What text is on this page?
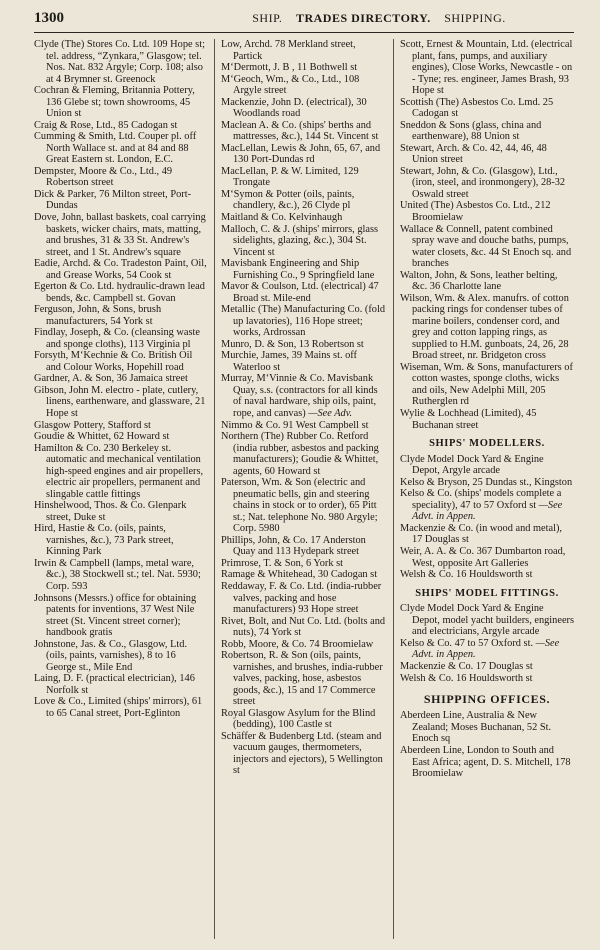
1300	SHIP. TRADES DIRECTORY. SHIPPING.

Clyde (The) Stores Co. Ltd. 109 Hope st; tel. address, “Zynkara,” Glasgow; tel. Nos. Nat. 832 Argyle; Corp. 108; also at 4 Brymner st. Greenock

Cochran & Fleming, Britannia Pottery, 136 Glebe st; town showrooms, 45 Union st

Craig & Rose, Ltd., 85 Cadogan st

Cumming & Smith, Ltd. Couper pl. off North Wallace st. and at 84 and 88 Great Eastern st. London, E.C.

Dempster, Moore & Co., Ltd., 49 Robertson street

Dick & Parker, 76 Milton street, Port-Dundas

Dove, John, ballast baskets, coal carrying baskets, wicker chairs, mats, matting, and brushes, 31 & 33 St. Andrew's street, and 1 St. Andrew's square

Eadie, Archd. & Co. Tradeston Paint, Oil, and Grease Works, 54 Cook st

Egerton & Co. Ltd. hydraulic-drawn lead bends, &c. Campbell st. Govan

Ferguson, John, & Sons, brush manufacturers, 54 York st

Findlay, Joseph, & Co. (cleansing waste and sponge cloths), 113 Virginia pl

Forsyth, M‘Kechnie & Co. British Oil and Colour Works, Hopehill road

Gardner, A. & Son, 36 Jamaica street

Gibson, John M. electro - plate, cutlery, linens, earthenware, and glassware, 21 Hope st

Glasgow Pottery, Stafford st

Goudie & Whittet, 62 Howard st

Hamilton & Co. 230 Berkeley st. automatic and mechanical ventilation high-speed engines and air propellers, electric air propellers, permanent and slingable cattle fittings

Hinshelwood, Thos. & Co. Glenpark street, Duke st

Hird, Hastie & Co. (oils, paints, varnishes, &c.), 73 Park street, Kinning Park

Irwin & Campbell (lamps, metal ware, &c.), 38 Stockwell st.; tel. Nat. 5930; Corp. 593

Johnsons (Messrs.) office for obtaining patents for inventions, 37 West Nile street (St. Vincent street corner); handbook gratis

Johnstone, Jas. & Co., Glasgow, Ltd. (oils, paints, varnishes), 8 to 16 George st., Mile End

Laing, D. F. (practical electrician), 146 Norfolk st

Love & Co., Limited (ships' mirrors), 61 to 65 Canal street, Port-Eglinton

Low, Archd. 78 Merkland street, Partick

M‘Dermott, J. B , 11 Bothwell st

M‘Geoch, Wm., & Co., Ltd., 108 Argyle street

Mackenzie, John D. (electrical), 30 Woodlands road

Maclean A. & Co. (ships' berths and mattresses, &c.), 144 St. Vincent st

MacLellan, Lewis & John, 65, 67, and 130 Port-Dundas rd

MacLellan, P. & W. Limited, 129 Trongate

M‘Symon & Potter (oils, paints, chandlery, &c.), 26 Clyde pl

Maitland & Co. Kelvinhaugh

Malloch, C. & J. (ships' mirrors, glass sidelights, glazing, &c.), 304 St. Vincent st

Mavisbank Engineering and Ship Furnishing Co., 9 Springfield lane

Mavor & Coulson, Ltd. (electrical) 47 Broad st. Mile-end

Metallic (The) Manufacturing Co. (fold up lavatories), 116 Hope street; works, Ardrossan

Munro, D. & Son, 13 Robertson st

Murchie, James, 39 Mains st. off Waterloo st

Murray, M‘Vinnie & Co. Mavisbank Quay, s.s. (contractors for all kinds of naval hardware, ship oils, paint, rope, and canvas) —See Adv.

Nimmo & Co. 91 West Campbell st

Northern (The) Rubber Co. Retford (india rubber, asbestos and packing manufacturers); Goudie & Whittet, agents, 60 Howard st

Paterson, Wm. & Son (electric and pneumatic bells, gin and steering chains in stock or to order), 65 Pitt st.; Nat. telephone No. 980 Argyle; Corp. 5980

Phillips, John, & Co. 17 Anderston Quay and 113 Hydepark street

Primrose, T. & Son, 6 York st

Ramage & Whitehead, 30 Cadogan st

Reddaway, F. & Co. Ltd. (india-rubber valves, packing and hose manufacturers) 93 Hope street

Rivet, Bolt, and Nut Co. Ltd. (bolts and nuts), 74 York st

Robb, Moore, & Co. 74 Broomielaw

Robertson, R. & Son (oils, paints, varnishes, and brushes, india-rubber valves, packing, hose, asbestos goods, &c.), 15 and 17 Commerce street

Royal Glasgow Asylum for the Blind (bedding), 100 Castle st

Schäffer & Budenberg Ltd. (steam and vacuum gauges, thermometers, injectors and ejectors), 5 Wellington st

Scott, Ernest & Mountain, Ltd. (electrical plant, fans, pumps, and auxiliary engines), Close Works, Newcastle - on - Tyne; res. engineer, James Brash, 93 Hope st

Scottish (The) Asbestos Co. Lmd. 25 Cadogan st

Sneddon & Sons (glass, china and earthenware), 88 Union st

Stewart, Arch. & Co. 42, 44, 46, 48 Union street

Stewart, John, & Co. (Glasgow), Ltd., (iron, steel, and ironmongery), 28-32 Oswald street

United (The) Asbestos Co. Ltd., 212 Broomielaw

Wallace & Connell, patent combined spray wave and douche baths, pumps, water closets, &c. 44 St Enoch sq. and branches

Walton, John, & Sons, leather belting, &c. 36 Charlotte lane

Wilson, Wm. & Alex. manufrs. of cotton packing rings for condenser tubes of marine boilers, condenser cord, and grey and cotton lapping rings, as supplied to H.M. gunboats, 24, 26, 28 Broad street, nr. Bridgeton cross

Wiseman, Wm. & Sons, manufacturers of cotton wastes, sponge cloths, wicks and oils, New Adelphi Mill, 205 Rutherglen rd

Wylie & Lochhead (Limited), 45 Buchanan street

SHIPS' MODELLERS.

Clyde Model Dock Yard & Engine Depot, Argyle arcade

Kelso & Bryson, 25 Dundas st., Kingston

Kelso & Co. (ships' models complete a speciality), 47 to 57 Oxford st —See Advt. in Appen.

Mackenzie & Co. (in wood and metal), 17 Douglas st

Weir, A. A. & Co. 367 Dumbarton road, West, opposite Art Galleries

Welsh & Co. 16 Houldsworth st

SHIPS' MODEL FITTINGS.

Clyde Model Dock Yard & Engine Depot, model yacht builders, engineers and electricians, Argyle arcade

Kelso & Co. 47 to 57 Oxford st. —See Advt. in Appen.

Mackenzie & Co. 17 Douglas st

Welsh & Co. 16 Houldsworth st

SHIPPING OFFICES.

Aberdeen Line, Australia & New Zealand; Moses Buchanan, 52 St. Enoch sq

Aberdeen Line, London to South and East Africa; agent, D. S. Mitchell, 178 Broomielaw
